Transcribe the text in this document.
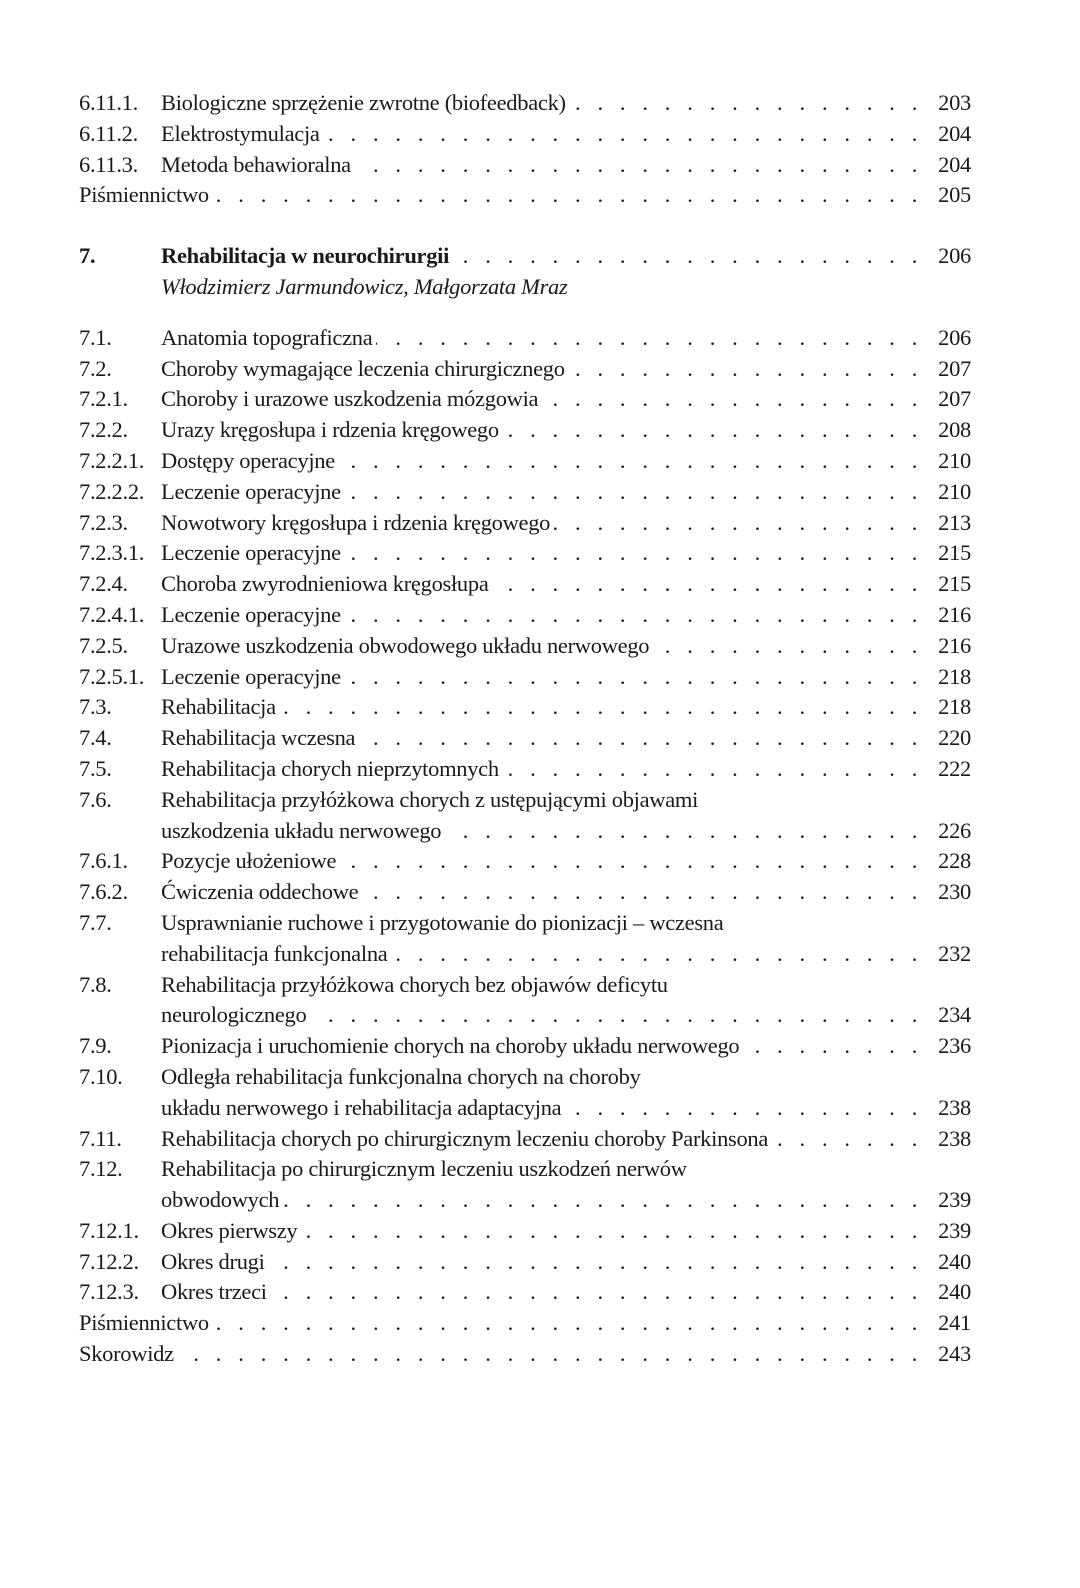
6.11.1. Biologiczne sprzężenie zwrotne (biofeedback) . . .	203
6.11.2. Elektrostymulacja . . .	204
6.11.3. Metoda behawioralna . . .	204
Piśmiennictwo . . .	205
7.	Rehabilitacja w neurochirurgii . . .	206
Włodzimierz Jarmundowicz, Małgorzata Mraz
7.1. Anatomia topograficzna . . .	206
7.2. Choroby wymagające leczenia chirurgicznego . . .	207
7.2.1. Choroby i urazowe uszkodzenia mózgowia . . .	207
7.2.2. Urazy kręgosłupa i rdzenia kręgowego . . .	208
7.2.2.1. Dostępy operacyjne . . .	210
7.2.2.2. Leczenie operacyjne . . .	210
7.2.3. Nowotwory kręgosłupa i rdzenia kręgowego . . .	213
7.2.3.1. Leczenie operacyjne . . .	215
7.2.4. Choroba zwyrodnieniowa kręgosłupa . . .	215
7.2.4.1. Leczenie operacyjne . . .	216
7.2.5. Urazowe uszkodzenia obwodowego układu nerwowego . . .	216
7.2.5.1. Leczenie operacyjne . . .	218
7.3. Rehabilitacja . . .	218
7.4. Rehabilitacja wczesna . . .	220
7.5. Rehabilitacja chorych nieprzytomnych . . .	222
7.6. Rehabilitacja przyłóżkowa chorych z ustępującymi objawami
uszkodzenia układu nerwowego . . .	226
7.6.1. Pozycje ułożeniowe . . .	228
7.6.2. Ćwiczenia oddechowe . . .	230
7.7. Usprawnianie ruchowe i przygotowanie do pionizacji – wczesna
rehabilitacja funkcjonalna . . .	232
7.8. Rehabilitacja przyłóżkowa chorych bez objawów deficytu
neurologicznego . . .	234
7.9. Pionizacja i uruchomienie chorych na choroby układu nerwowego . . .	236
7.10. Odległa rehabilitacja funkcjonalna chorych na choroby
układu nerwowego i rehabilitacja adaptacyjna . . .	238
7.11. Rehabilitacja chorych po chirurgicznym leczeniu choroby Parkinsona . . .	238
7.12. Rehabilitacja po chirurgicznym leczeniu uszkodzeń nerwów
obwodowych . . .	239
7.12.1. Okres pierwszy . . .	239
7.12.2. Okres drugi . . .	240
7.12.3. Okres trzeci . . .	240
Piśmiennictwo . . .	241
Skorowidz . . .	243
